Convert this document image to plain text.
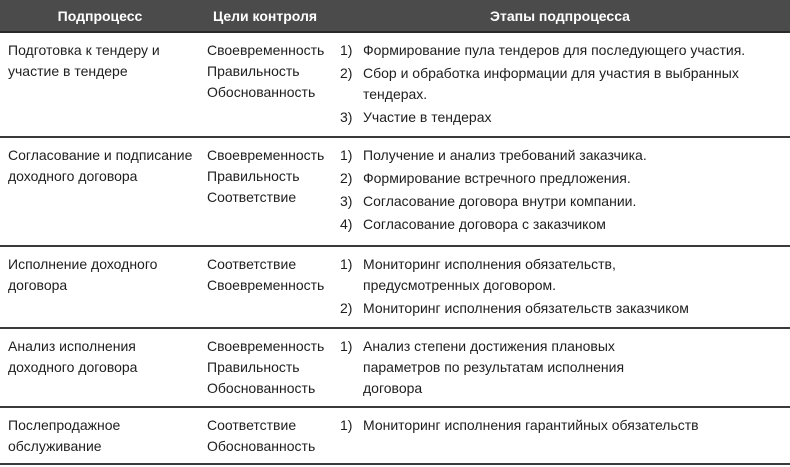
Подпроцесс	Цели контроля	Этапы подпроцесса
Подготовка к тендеру и участие в тендере
Своевременность
Правильность
Обоснованность
1) Формирование пула тендеров для последующего участия.
2) Сбор и обработка информации для участия в выбранных тендерах.
3) Участие в тендерах
Согласование и подписание доходного договора
Своевременность
Правильность
Соответствие
1) Получение и анализ требований заказчика.
2) Формирование встречного предложения.
3) Согласование договора внутри компании.
4) Согласование договора с заказчиком
Исполнение доходного договора
Соответствие
Своевременность
1) Мониторинг исполнения обязательств, предусмотренных договором.
2) Мониторинг исполнения обязательств заказчиком
Анализ исполнения доходного договора
Своевременность
Правильность
Обоснованность
1) Анализ степени достижения плановых параметров по результатам исполнения договора
Послепродажное обслуживание
Соответствие
Обоснованность
1) Мониторинг исполнения гарантийных обязательств
